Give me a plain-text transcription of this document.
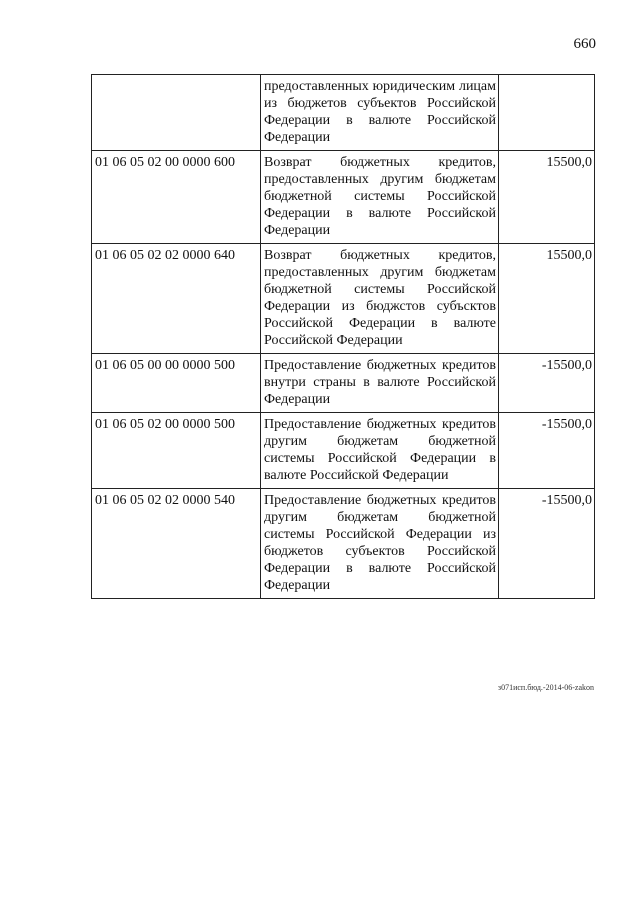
660
	предоставленных юридическим лицам из бюджетов субъектов Российской Федерации в валюте Российской Федерации	
01 06 05 02 00 0000 600	Возврат бюджетных кредитов, предоставленных другим бюджетам бюджетной системы Российской Федерации в валюте Российской Федерации	15500,0
01 06 05 02 02 0000 640	Возврат бюджетных кредитов, предоставленных другим бюджетам бюджетной системы Российской Федерации из бюджстов субъсктов Российской Федерации в валюте Российской Федерации	15500,0
01 06 05 00 00 0000 500	Предоставление бюджетных кредитов внутри страны в валюте Российской Федерации	-15500,0
01 06 05 02 00 0000 500	Предоставление бюджетных кредитов другим бюджетам бюджетной системы Российской Федерации в валюте Российской Федерации	-15500,0
01 06 05 02 02 0000 540	Предоставление бюджетных кредитов другим бюджетам бюджетной системы Российской Федерации из бюджетов субъектов Российской Федерации в валюте Российской Федерации	-15500,0
з071исп.бюд.-2014-06-zakon
